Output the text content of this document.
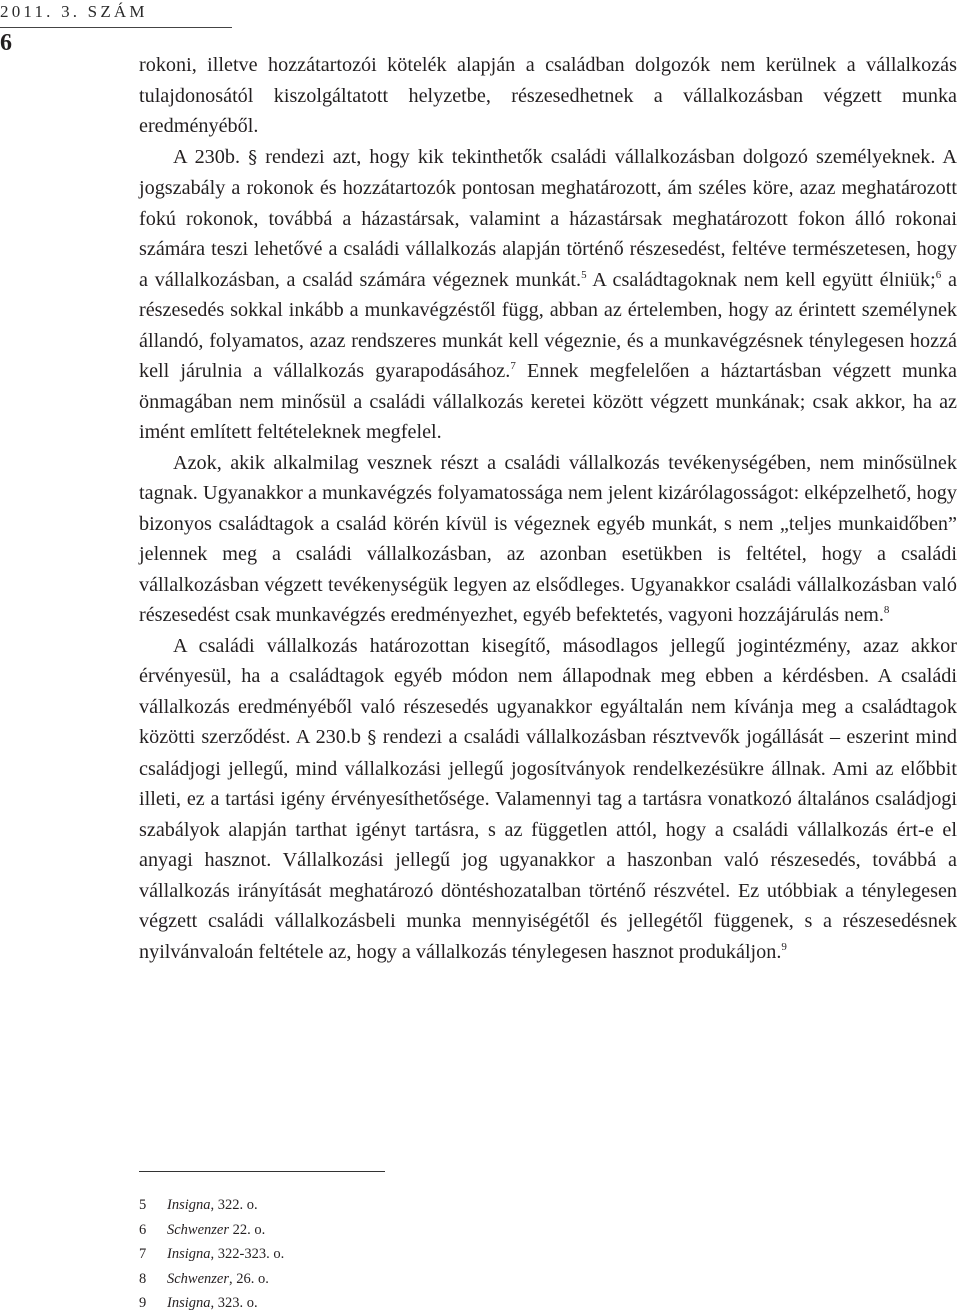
2011. 3. SZÁM
6

rokoni, illetve hozzátartozói kötelék alapján a családban dolgozók nem kerülnek a vállalkozás tulajdonosától kiszolgáltatott helyzetbe, részesedhetnek a vállalkozásban végzett munka eredményéből.

A 230b. § rendezi azt, hogy kik tekinthetők családi vállalkozásban dolgozó személyeknek. A jogszabály a rokonok és hozzátartozók pontosan meghatározott, ám széles köre, azaz meghatározott fokú rokonok, továbbá a házastársak, valamint a házastársak meghatározott fokon álló rokonai számára teszi lehetővé a családi vállalkozás alapján történő részesedést, feltéve természetesen, hogy a vállalkozásban, a család számára végeznek munkát.$^5$ A családtagoknak nem kell együtt élniük;$^6$ a részesedés sokkal inkább a munkavégzéstől függ, abban az értelemben, hogy az érintett személynek állandó, folyamatos, azaz rendszeres munkát kell végeznie, és a munkavégzésnek ténylegesen hozzá kell járulnia a vállalkozás gyarapodásához.$^7$ Ennek megfelelően a háztartásban végzett munka önmagában nem minősül a családi vállalkozás keretei között végzett munkának; csak akkor, ha az imént említett feltételeknek megfelel.

Azok, akik alkalmilag vesznek részt a családi vállalkozás tevékenységében, nem minősülnek tagnak. Ugyanakkor a munkavégzés folyamatossága nem jelent kizárólagosságot: elképzelhető, hogy bizonyos családtagok a család körén kívül is végeznek egyéb munkát, s nem „teljes munkaidőben” jelennek meg a családi vállalkozásban, az azonban esetükben is feltétel, hogy a családi vállalkozásban végzett tevékenységük legyen az elsődleges. Ugyanakkor családi vállalkozásban való részesedést csak munkavégzés eredményezhet, egyéb befektetés, vagyoni hozzájárulás nem.$^8$

A családi vállalkozás határozottan kisegítő, másodlagos jellegű jogintézmény, azaz akkor érvényesül, ha a családtagok egyéb módon nem állapodnak meg ebben a kérdésben. A családi vállalkozás eredményéből való részesedés ugyanakkor egyáltalán nem kívánja meg a családtagok közötti szerződést. A 230.b § rendezi a családi vállalkozásban résztvevők jogállását – eszerint mind családjogi jellegű, mind vállalkozási jellegű jogosítványok rendelkezésükre állnak. Ami az előbbit illeti, ez a tartási igény érvényesíthetősége. Valamennyi tag a tartásra vonatkozó általános családjogi szabályok alapján tarthat igényt tartásra, s az független attól, hogy a családi vállalkozás ért-e el anyagi hasznot. Vállalkozási jellegű jog ugyanakkor a haszonban való részesedés, továbbá a vállalkozás irányítását meghatározó döntéshozatalban történő részvétel. Ez utóbbiak a ténylegesen végzett családi vállalkozásbeli munka mennyiségétől és jellegétől függenek, s a részesedésnek nyilvánvaloán feltétele az, hogy a vállalkozás ténylegesen hasznot produkáljon.$^9$

5	Insigna , 322. o.
6	Schwenzer 22. o.
7	Insigna , 322-323. o.
8	Schwenzer , 26. o.
9	Insigna , 323. o.
